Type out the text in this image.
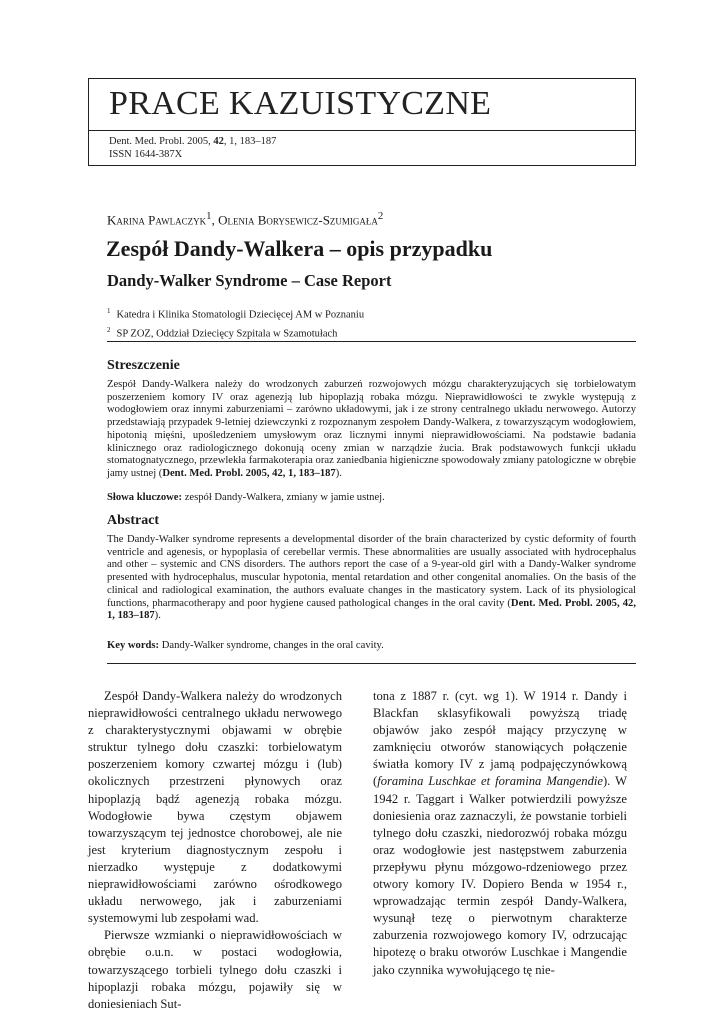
PRACE KAZUISTYCZNE
Dent. Med. Probl. 2005, 42, 1, 183–187
ISSN 1644-387X
Karina Pawlaczyk$^1$, Olenia Borysewicz-Szumigała$^2$
Zespół Dandy-Walkera – opis przypadku
Dandy-Walker Syndrome – Case Report
$^1$ Katedra i Klinika Stomatologii Dziecięcej AM w Poznaniu
$^2$ SP ZOZ, Oddział Dziecięcy Szpitala w Szamotułach
Streszczenie

Zespół Dandy-Walkera należy do wrodzonych zaburzeń rozwojowych mózgu charakteryzujących się torbielowatym poszerzeniem komory IV oraz agenezją lub hipoplazją robaka mózgu. Nieprawidłowości te zwykle występują z wodogłowiem oraz innymi zaburzeniami – zarówno układowymi, jak i ze strony centralnego układu nerwowego. Autorzy przedstawiają przypadek 9-letniej dziewczynki z rozpoznanym zespołem Dandy-Walkera, z towarzyszącym wodogłowiem, hipotonią mięśni, upośledzeniem umysłowym oraz licznymi innymi nieprawidłowościami. Na podstawie badania klinicznego oraz radiologicznego dokonują oceny zmian w narządzie żucia. Brak podstawowych funkcji układu stomatognatycznego, przewlekła farmakoterapia oraz zaniedbania higieniczne spowodowały zmiany patologiczne w obrębie jamy ustnej (Dent. Med. Probl. 2005, 42, 1, 183–187).

Słowa kluczowe: zespół Dandy-Walkera, zmiany w jamie ustnej.
Abstract

The Dandy-Walker syndrome represents a developmental disorder of the brain characterized by cystic deformity of fourth ventricle and agenesis, or hypoplasia of cerebellar vermis. These abnormalities are usually associated with hydrocephalus and other – systemic and CNS disorders. The authors report the case of a 9-year-old girl with a Dandy-Walker syndrome presented with hydrocephalus, muscular hypotonia, mental retardation and other congenital anomalies. On the basis of the clinical and radiological examination, the authors evaluate changes in the masticatory system. Lack of its physiological functions, pharmacotherapy and poor hygiene caused pathological changes in the oral cavity (Dent. Med. Probl. 2005, 42, 1, 183–187).

Key words: Dandy-Walker syndrome, changes in the oral cavity.

Zespół Dandy-Walkera należy do wrodzonych nieprawidłowości centralnego układu nerwowego z charakterystycznymi objawami w obrębie struktur tylnego dołu czaszki: torbielowatym poszerzeniem komory czwartej mózgu i (lub) okolicznych przestrzeni płynowych oraz hipoplazją bądź agenezją robaka mózgu. Wodogłowie bywa częstym objawem towarzyszącym tej jednostce chorobowej, ale nie jest kryterium diagnostycznym zespołu i nierzadko występuje z dodatkowymi nieprawidłowościami zarówno ośrodkowego układu nerwowego, jak i zaburzeniami systemowymi lub zespołami wad.

Pierwsze wzmianki o nieprawidłowościach w obrębie o.u.n. w postaci wodogłowia, towarzyszącego torbieli tylnego dołu czaszki i hipoplazji robaka mózgu, pojawiły się w doniesieniach Sut-

tona z 1887 r. (cyt. wg 1). W 1914 r. Dandy i Blackfan sklasyfikowali powyższą triadę objawów jako zespół mający przyczynę w zamknięciu otworów stanowiących połączenie światła komory IV z jamą podpajęczynówkową (foramina Luschkae et foramina Mangendie). W 1942 r. Taggart i Walker potwierdzili powyższe doniesienia oraz zaznaczyli, że powstanie torbieli tylnego dołu czaszki, niedorozwój robaka mózgu oraz wodogłowie jest następstwem zaburzenia przepływu płynu mózgowo-rdzeniowego przez otwory komory IV. Dopiero Benda w 1954 r., wprowadzając termin zespół Dandy-Walkera, wysunął tezę o pierwotnym charakterze zaburzenia rozwojowego komory IV, odrzucając hipotezę o braku otworów Luschkae i Mangendie jako czynnika wywołującego tę nie-
